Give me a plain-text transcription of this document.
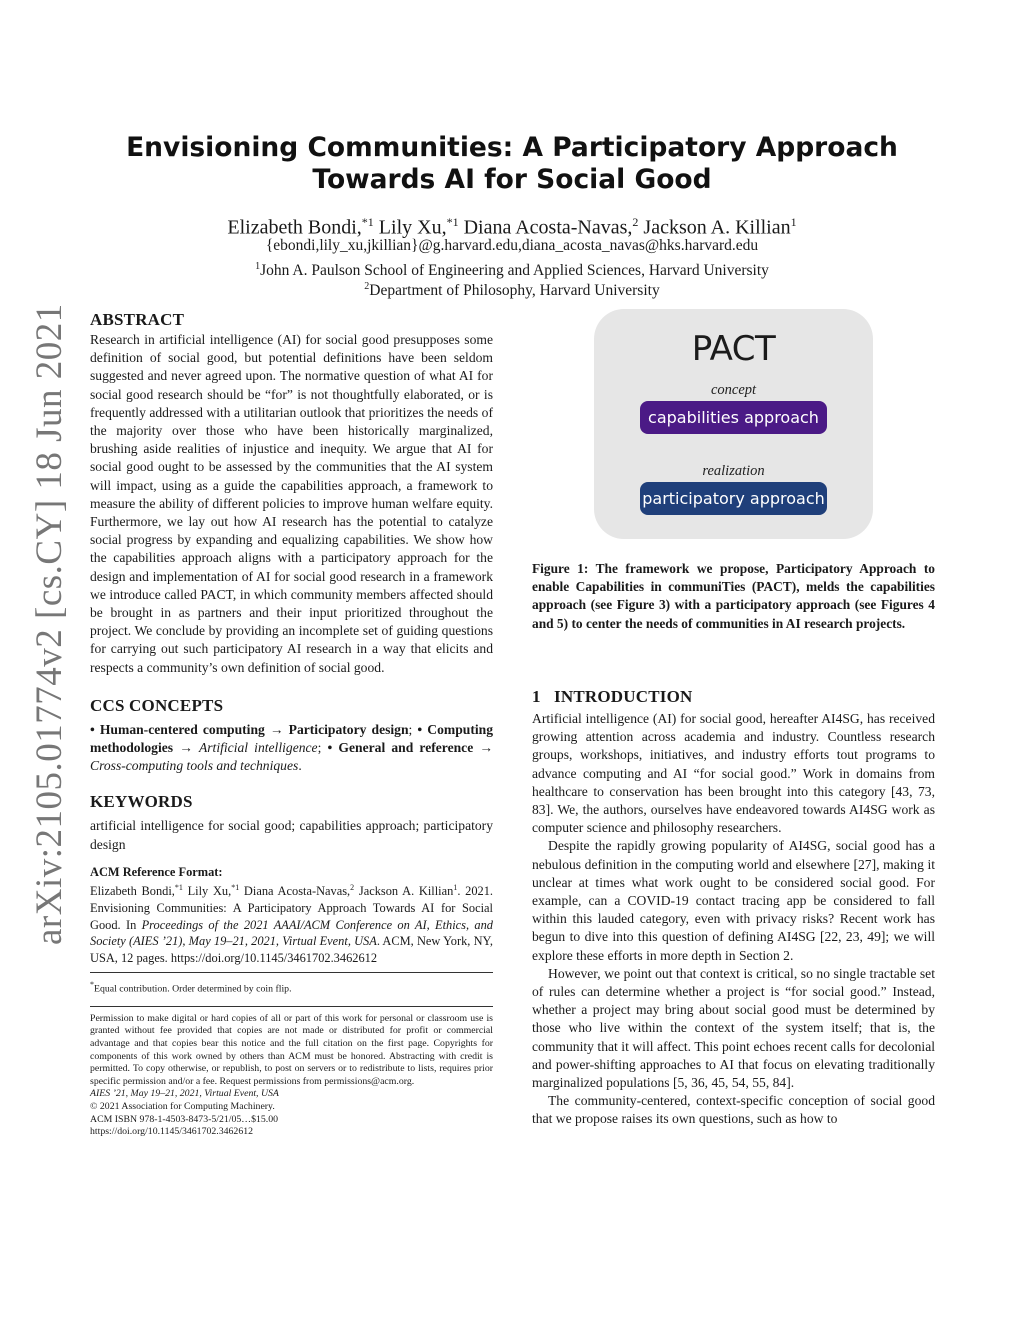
arXiv:2105.01774v2 [cs.CY] 18 Jun 2021
Envisioning Communities: A Participatory Approach
Towards AI for Social Good
Elizabeth Bondi,$^{*1}$ Lily Xu,$^{*1}$ Diana Acosta-Navas,$^2$ Jackson A. Killian$^1$
{ebondi,lily_xu,jkillian}@g.harvard.edu,diana_acosta_navas@hks.harvard.edu
$^1$John A. Paulson School of Engineering and Applied Sciences, Harvard University
$^2$Department of Philosophy, Harvard University
ABSTRACT

Research in artificial intelligence (AI) for social good presupposes some definition of social good, but potential definitions have been seldom suggested and never agreed upon. The normative question of what AI for social good research should be “for” is not thoughtfully elaborated, or is frequently addressed with a utilitarian outlook that prioritizes the needs of the majority over those who have been historically marginalized, brushing aside realities of injustice and inequity. We argue that AI for social good ought to be assessed by the communities that the AI system will impact, using as a guide the capabilities approach, a framework to measure the ability of different policies to improve human welfare equity. Furthermore, we lay out how AI research has the potential to catalyze social progress by expanding and equalizing capabilities. We show how the capabilities approach aligns with a participatory approach for the design and implementation of AI for social good research in a framework we introduce called PACT, in which community members affected should be brought in as partners and their input prioritized throughout the project. We conclude by providing an incomplete set of guiding questions for carrying out such participatory AI research in a way that elicits and respects a community’s own definition of social good.

CCS CONCEPTS

• Human-centered computing → Participatory design; • Computing methodologies → Artificial intelligence; • General and reference → Cross-computing tools and techniques.

KEYWORDS

artificial intelligence for social good; capabilities approach; participatory design

ACM Reference Format:

Elizabeth Bondi,$^{*1}$ Lily Xu,$^{*1}$ Diana Acosta-Navas,$^2$ Jackson A. Killian$^1$. 2021. Envisioning Communities: A Participatory Approach Towards AI for Social Good. In Proceedings of the 2021 AAAI/ACM Conference on AI, Ethics, and Society (AIES ’21), May 19–21, 2021, Virtual Event, USA. ACM, New York, NY, USA, 12 pages. https://doi.org/10.1145/3461702.3462612

*Equal contribution. Order determined by coin flip.

Permission to make digital or hard copies of all or part of this work for personal or classroom use is granted without fee provided that copies are not made or distributed for profit or commercial advantage and that copies bear this notice and the full citation on the first page. Copyrights for components of this work owned by others than ACM must be honored. Abstracting with credit is permitted. To copy otherwise, or republish, to post on servers or to redistribute to lists, requires prior specific permission and/or a fee. Request permissions from permissions@acm.org.

AIES ’21, May 19–21, 2021, Virtual Event, USA

© 2021 Association for Computing Machinery.

ACM ISBN 978-1-4503-8473-5/21/05…$15.00

https://doi.org/10.1145/3461702.3462612

PACT
concept
capabilities approach
realization
participatory approach

Figure 1: The framework we propose, Participatory Approach to enable Capabilities in communiTies (PACT), melds the capabilities approach (see Figure 3) with a participatory approach (see Figures 4 and 5) to center the needs of communities in AI research projects.

1   INTRODUCTION

Artificial intelligence (AI) for social good, hereafter AI4SG, has received growing attention across academia and industry. Countless research groups, workshops, initiatives, and industry efforts tout programs to advance computing and AI “for social good.” Work in domains from healthcare to conservation has been brought into this category [43, 73, 83]. We, the authors, ourselves have endeavored towards AI4SG work as computer science and philosophy researchers.

Despite the rapidly growing popularity of AI4SG, social good has a nebulous definition in the computing world and elsewhere [27], making it unclear at times what work ought to be considered social good. For example, can a COVID-19 contact tracing app be considered to fall within this lauded category, even with privacy risks? Recent work has begun to dive into this question of defining AI4SG [22, 23, 49]; we will explore these efforts in more depth in Section 2.

However, we point out that context is critical, so no single tractable set of rules can determine whether a project is “for social good.” Instead, whether a project may bring about social good must be determined by those who live within the context of the system itself; that is, the community that it will affect. This point echoes recent calls for decolonial and power-shifting approaches to AI that focus on elevating traditionally marginalized populations [5, 36, 45, 54, 55, 84].

The community-centered, context-specific conception of social good that we propose raises its own questions, such as how to
